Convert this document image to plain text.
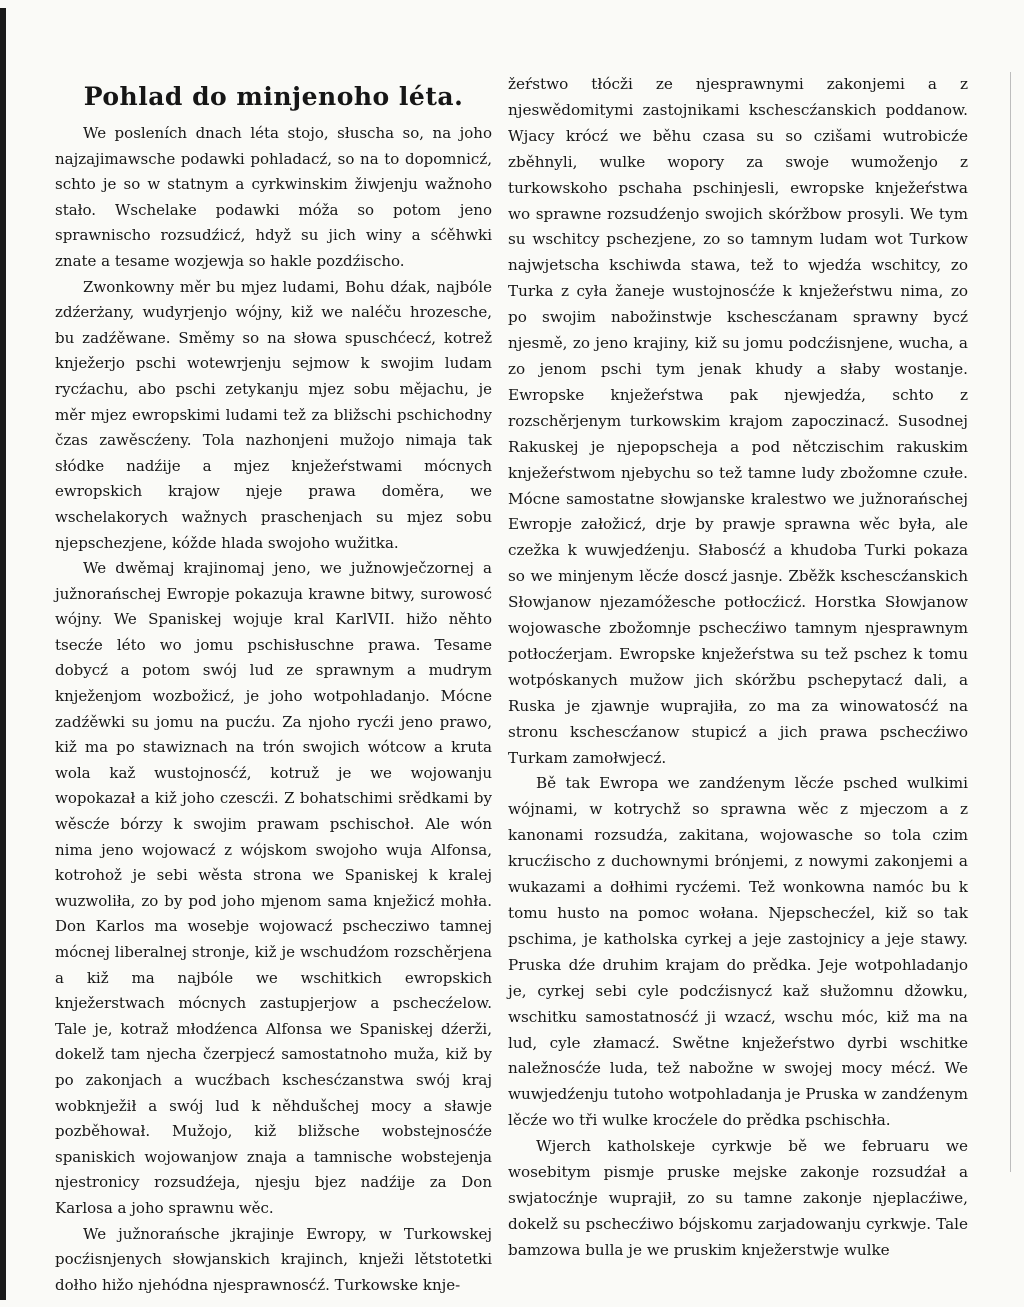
Pohlad do minjenoho léta.

We posleních dnach léta stojo, słuscha so, na joho najzajimawsche podawki pohladacź, so na to dopomnicź, schto je so w statnym a cyrkwinskim žiwjenju wažnoho stało. Wschelake podawki móža so potom jeno sprawnischo rozsudźicź, hdyž su jich winy a sćěhwki znate a tesame wozjewja so hakle pozdźischo.

Zwonkowny měr bu mjez ludami, Bohu dźak, najbóle zdźerżany, wudyrjenjo wójny, kiž we naléču hrozesche, bu zadźěwane. Směmy so na słowa spuschćecź, kotrež knježerjo pschi wotewrjenju sejmow k swojim ludam rycźachu, abo pschi zetykanju mjez sobu mějachu, je měr mjez ewropskimi ludami tež za bližschi pschichodny čzas zawěscźeny. Tola nazhonjeni mužojo nimaja tak słódke nadźije a mjez knježeŕstwami mócnych ewropskich krajow njeje prawa doměra, we wschelakorych wažnych praschenjach su mjez sobu njepschezjene, kóžde hlada swojoho wužitka.

We dwěmaj krajinomaj jeno, we južnowječzornej a južnorańschej Ewropje pokazuja krawne bitwy, surowosć wójny. We Spaniskej wojuje kral KarlVII. hižo něhto tsecźe léto wo jomu pschisłuschne prawa. Tesame dobycź a potom swój lud ze sprawnym a mudrym knježenjom wozbožicź, je joho wotpohladanjo. Mócne zadźěwki su jomu na pucźu. Za njoho rycźi jeno prawo, kiž ma po stawiznach na trón swojich wótcow a kruta wola kaž wustojnosćź, kotruž je we wojowanju wopokazał a kiž joho czescźi. Z bohatschimi srědkami by wěscźe bórzy k swojim prawam pschischoł. Ale wón nima jeno wojowacź z wójskom swojoho wuja Alfonsa, kotrohož je sebi wěsta strona we Spaniskej k kralej wuzwoliła, zo by pod joho mjenom sama knježicź mohła. Don Karlos ma wosebje wojowacź pschecziwo tamnej mócnej liberalnej stronje, kiž je wschudźom rozschěrjena a kiž ma najbóle we wschitkich ewropskich knježerstwach mócnych zastupjerjow a pschecźelow. Tale je, kotraž młodźenca Alfonsa we Spaniskej dźerži, dokelž tam njecha čzerpjecź samostatnoho muža, kiž by po zakonjach a wucźbach kschesćzanstwa swój kraj wobknježił a swój lud k něhdušchej mocy a sławje pozběhował. Mužojo, kiž bližsche wobstejnosćźe spaniskich wojowanjow znaja a tamnische wobstejenja njestronicy rozsudźeja, njesju bjez nadźije za Don Karlosa a joho sprawnu wěc.

We južnorańsche jkrajinje Ewropy, w Turkowskej pocźisnjenych słowjanskich krajinch, knježi lětstotetki dołho hižo njehódna njesprawnosćź. Turkowske knje-

žeŕstwo tłócži ze njesprawnymi zakonjemi a z njeswědomitymi zastojnikami kschescźanskich poddanow. Wjacy krócź we běhu czasa su so czišami wutrobicźe zběhnyli, wulke wopory za swoje wumoženjo z turkowskoho pschaha pschinjesli, ewropske knježeŕstwa wo sprawne rozsudźenjo swojich skóržbow prosyli. We tym su wschitcy pschezjene, zo so tamnym ludam wot Turkow najwjetscha kschiwda stawa, tež to wjedźa wschitcy, zo Turka z cyła žaneje wustojnosćźe k knježeŕstwu nima, zo po swojim nabožinstwje kschescźanam sprawny bycź njesmě, zo jeno krajiny, kiž su jomu podcźisnjene, wucha, a zo jenom pschi tym jenak khudy a słaby wostanje. Ewropske knježeŕstwa pak njewjedźa, schto z rozschěrjenym turkowskim krajom zapoczinacź. Susodnej Rakuskej je njepopscheja a pod nětczischim rakuskim knježeŕstwom njebychu so tež tamne ludy zbožomne czułe. Mócne samostatne słowjanske kralestwo we južnorańschej Ewropje załožicź, drje by prawje sprawna wěc była, ale czežka k wuwjedźenju. Słabosćź a khudoba Turki pokaza so we minjenym lěcźe doscź jasnje. Zběžk kschescźanskich Słowjanow njezamóžesche potłocźicź. Horstka Słowjanow wojowasche zbožomnje pschecźiwo tamnym njesprawnym potłocźerjam. Ewropske knježeŕstwa su tež pschez k tomu wotpóskanych mužow jich skóržbu pschepytacź dali, a Ruska je zjawnje wuprajiła, zo ma za winowatosćź na stronu kschescźanow stupicź a jich prawa pschecźiwo Turkam zamołwjecź.

Bě tak Ewropa we zandźenym lěcźe psched wulkimi wójnami, w kotrychž so sprawna wěc z mjeczom a z kanonami rozsudźa, zakitana, wojowasche so tola czim krucźischo z duchownymi brónjemi, z nowymi zakonjemi a wukazami a dołhimi rycźemi. Tež wonkowna namóc bu k tomu husto na pomoc wołana. Njepschecźel, kiž so tak pschima, je katholska cyrkej a jeje zastojnicy a jeje stawy. Pruska dźe druhim krajam do prědka. Jeje wotpohladanjo je, cyrkej sebi cyle podcźisnycź kaž słužomnu džowku, wschitku samostatnosćź ji wzacź, wschu móc, kiž ma na lud, cyle złamacź. Swětne knježeŕstwo dyrbi wschitke naležnosćźe luda, tež nabožne w swojej mocy mécź. We wuwjedźenju tutoho wotpohladanja je Pruska w zandźenym lěcźe wo tři wulke krocźele do prědka pschischła.

Wjerch katholskeje cyrkwje bě we februaru we wosebitym pismje pruske mejske zakonje rozsudźał a swjatocźnje wuprajił, zo su tamne zakonje njeplacźiwe, dokelž su pschecźiwo bójskomu zarjadowanju cyrkwje. Tale bamzowa bulla je we pruskim knježerstwje wulke
